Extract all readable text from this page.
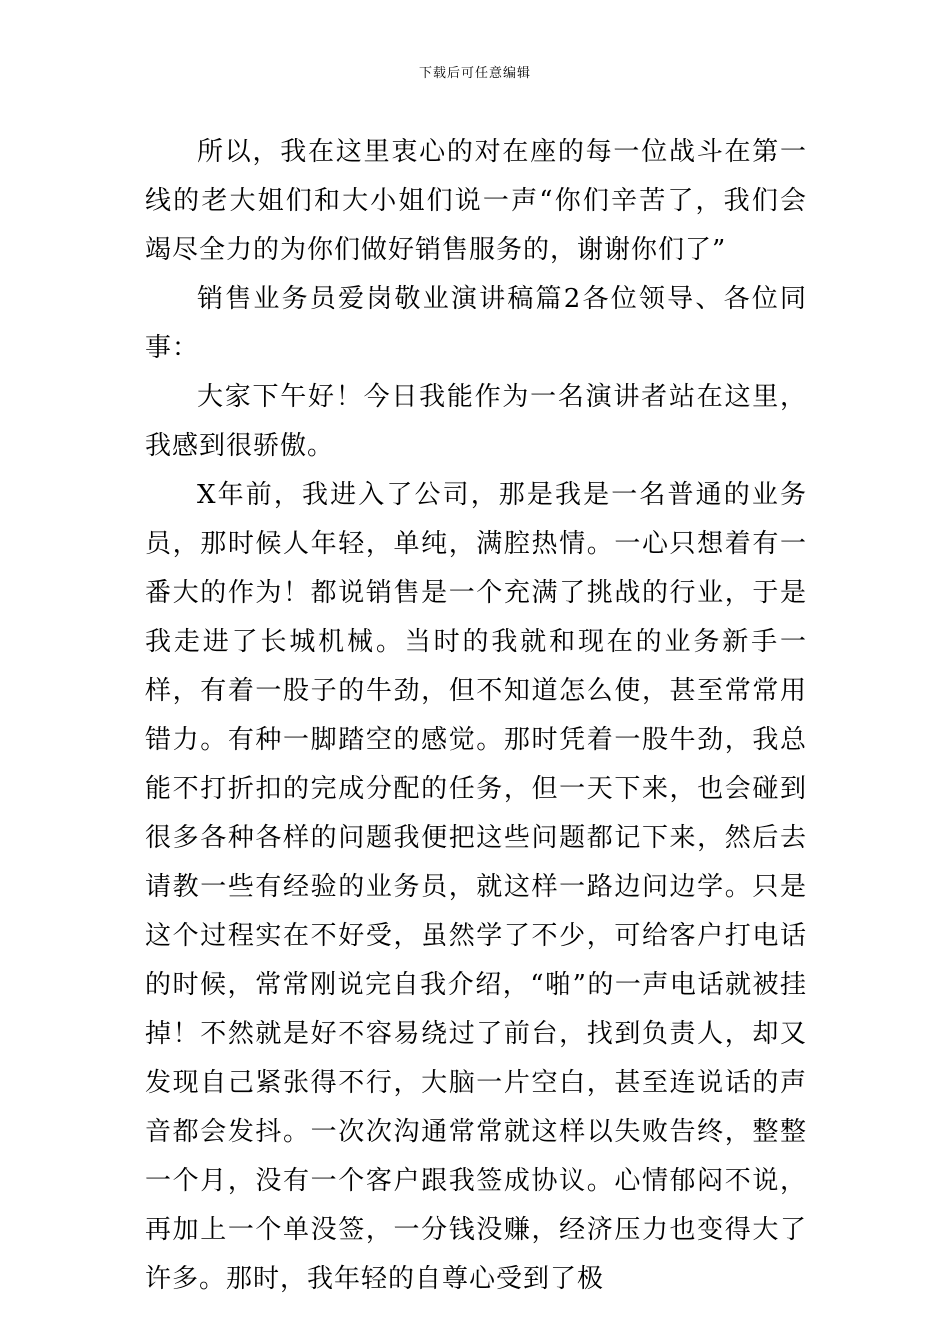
下载后可任意编辑

所以，我在这里衷心的对在座的每一位战斗在第一线的老大姐们和大小姐们说一声“你们辛苦了，我们会竭尽全力的为你们做好销售服务的，谢谢你们了”

销售业务员爱岗敬业演讲稿篇2各位领导、各位同事：

大家下午好！今日我能作为一名演讲者站在这里，我感到很骄傲。

X年前，我进入了公司，那是我是一名普通的业务员，那时候人年轻，单纯，满腔热情。一心只想着有一番大的作为！都说销售是一个充满了挑战的行业，于是我走进了长城机械。当时的我就和现在的业务新手一样，有着一股子的牛劲，但不知道怎么使，甚至常常用错力。有种一脚踏空的感觉。那时凭着一股牛劲，我总能不打折扣的完成分配的任务，但一天下来，也会碰到很多各种各样的问题我便把这些问题都记下来，然后去请教一些有经验的业务员，就这样一路边问边学。只是这个过程实在不好受，虽然学了不少，可给客户打电话的时候，常常刚说完自我介绍，“啪”的一声电话就被挂掉！不然就是好不容易绕过了前台，找到负责人，却又发现自己紧张得不行，大脑一片空白，甚至连说话的声音都会发抖。一次次沟通常常就这样以失败告终，整整一个月，没有一个客户跟我签成协议。心情郁闷不说，再加上一个单没签，一分钱没赚，经济压力也变得大了许多。那时，我年轻的自尊心受到了极
